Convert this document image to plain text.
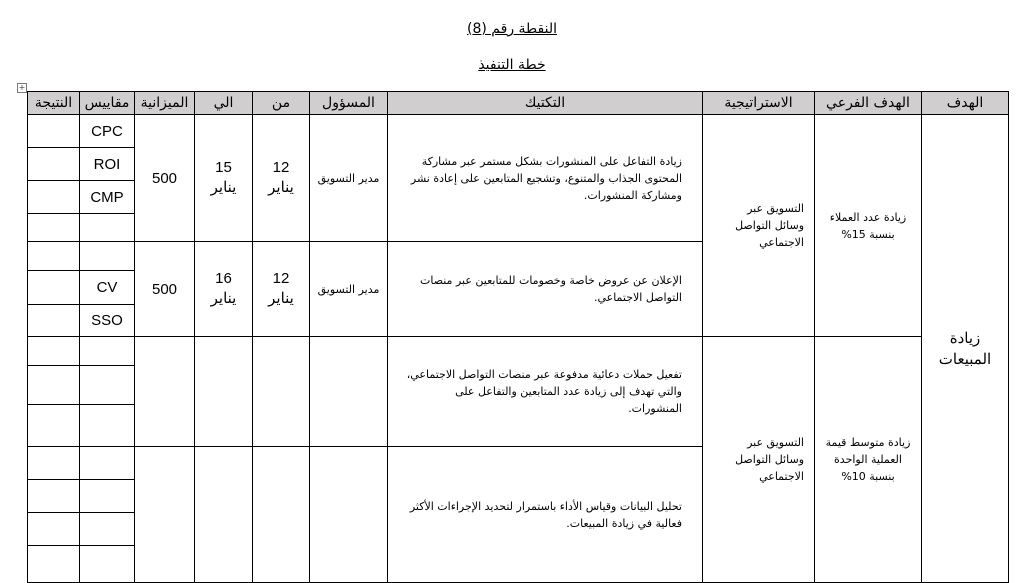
النقطة رقم (8)
خطة التنفيذ
+
النتيجة	مقاييس	الميزانية	الي	من	المسؤول	التكتيك	الاستراتيجية	الهدف الفرعي	الهدف
	CPC	500	15 يناير	12 يناير	مدير التسويق	زيادة التفاعل على المنشورات بشكل مستمر عبر مشاركة المحتوى الجذاب والمتنوع، وتشجيع المتابعين على إعادة نشر ومشاركة المنشورات.	التسويق عبر وسائل التواصل الاجتماعي	زيادة عدد العملاء بنسبة 15%	زيادة المبيعات
	ROI								
	CMP								

		500	16 يناير	12 يناير	مدير التسويق	الإعلان عن عروض خاصة وخصومات للمتابعين عبر منصات التواصل الاجتماعي.			
	CV								
	SSO								
						تفعيل حملات دعائية مدفوعة عبر منصات التواصل الاجتماعي، والتي تهدف إلى زيادة عدد المتابعين والتفاعل على المنشورات.	التسويق عبر وسائل التواصل الاجتماعي	زيادة متوسط قيمة العملية الواحدة بنسبة 10%	

						تحليل البيانات وقياس الأداء باستمرار لتحديد الإجراءات الأكثر فعالية في زيادة المبيعات.			
